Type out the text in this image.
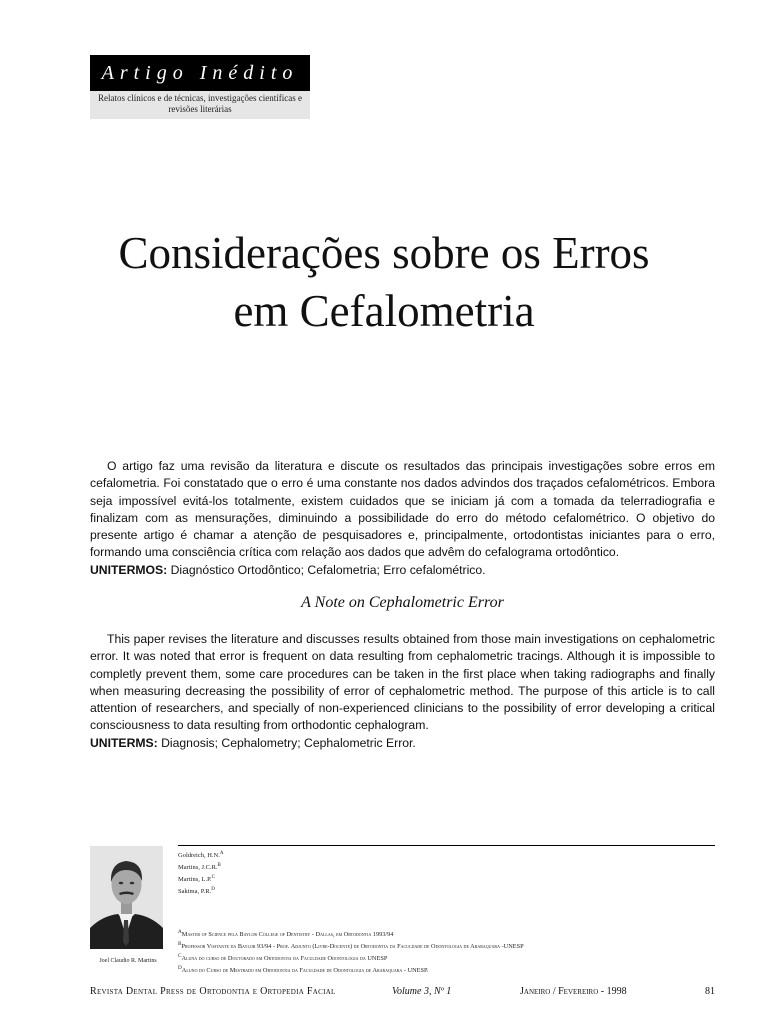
Artigo Inédito
Relatos clínicos e de técnicas, investigações científicas e revisões literárias
Considerações sobre os Erros
em Cefalometria

O artigo faz uma revisão da literatura e discute os resultados das principais investigações sobre erros em cefalometria. Foi constatado que o erro é uma constante nos dados advindos dos traçados cefalométricos. Embora seja impossível evitá-los totalmente, existem cuidados que se iniciam já com a tomada da telerradiografia e finalizam com as mensurações, diminuindo a possibilidade do erro do método cefalométrico. O objetivo do presente artigo é chamar a atenção de pesquisadores e, principalmente, ortodontistas iniciantes para o erro, formando uma consciência crítica com relação aos dados que advêm do cefalograma ortodôntico.

UNITERMOS: Diagnóstico Ortodôntico; Cefalometria; Erro cefalométrico.
A Note on Cephalometric Error

This paper revises the literature and discusses results obtained from those main investigations on cephalometric error. It was noted that error is frequent on data resulting from cephalometric tracings. Although it is impossible to completly prevent them, some care procedures can be taken in the first place when taking radiographs and finally when measuring decreasing the possibility of error of cephalometric method. The purpose of this article is to call attention of researchers, and specially of non-experienced clinicians to the possibility of error developing a critical consciousness to data resulting from orthodontic cephalogram.

UNITERMS: Diagnosis; Cephalometry; Cephalometric Error.
Joel Claudio R. Martins
Goldreich, H.N.$^A$
Martins, J.C.R.$^B$
Martins, L.P.$^C$
Sakima, P.R.$^D$
$^A$Master of Science pela Baylor College of Dentistry - Dallas, em Ortodontia 1993/94
$^B$Professor Visitante da Baylor 93/94 - Prof. Adjunto (Livre-Docente) de Ortodontia da Faculdade de Odontologia de Araraquara -UNESP
$^C$Aluna do curso de Doutorado em Ortodontia da Faculdade Odontologia da UNESP
$^D$Aluno do Curso de Mestrado em Ortodontia da Faculdade de Odontologia de Araraquara - UNESP.
Revista Dental Press de Ortodontia e Ortopedia Facial	Volume 3, Nº 1	Janeiro / Fevereiro - 1998	81
